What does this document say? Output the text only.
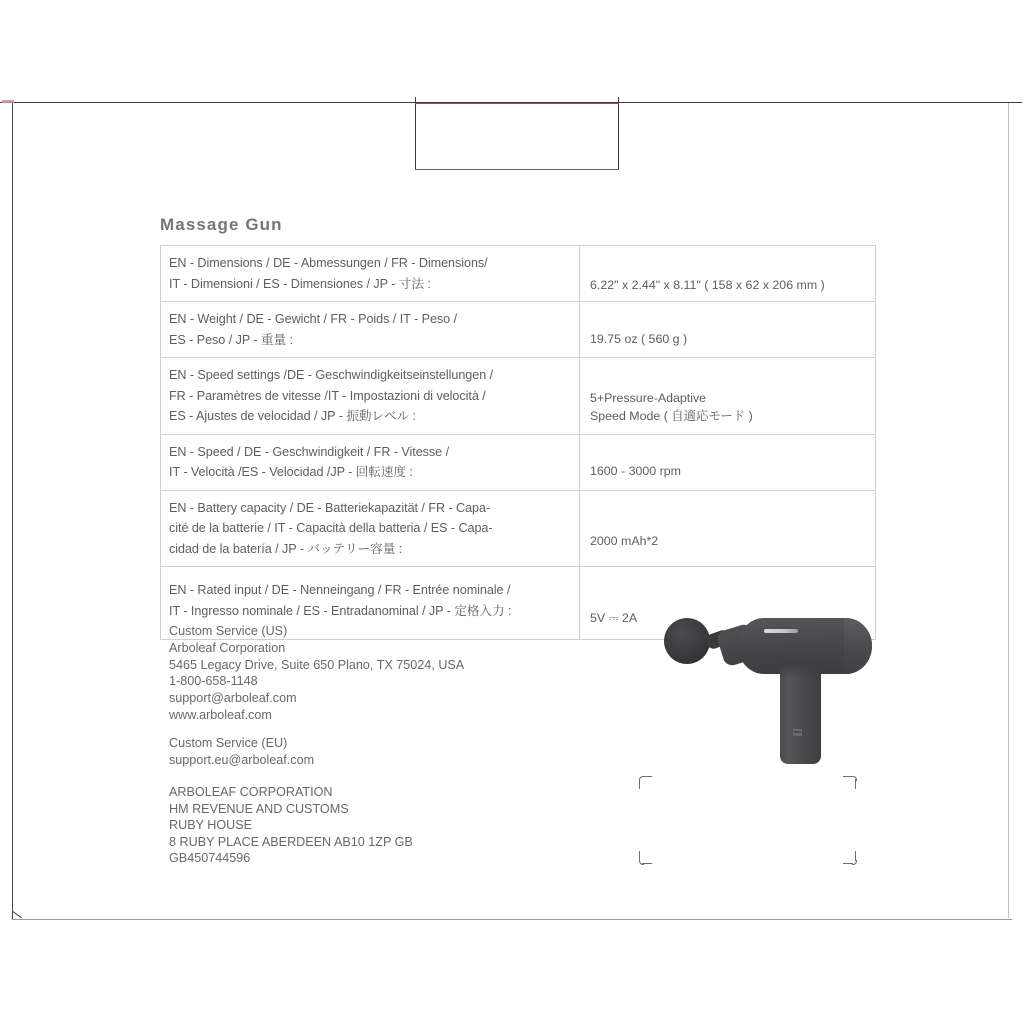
Massage Gun
EN - Dimensions / DE - Abmessungen / FR - Dimensions/
IT - Dimensioni / ES - Dimensiones / JP - 寸法 :	6.22" x 2.44" x 8.11" ( 158 x 62 x 206 mm )

EN - Weight / DE - Gewicht / FR - Poids / IT - Peso /
ES - Peso / JP - 重量 :	19.75 oz ( 560 g )

EN - Speed settings /DE - Geschwindigkeitseinstellungen /
FR - Paramètres de vitesse /IT - Impostazioni di velocità /
ES - Ajustes de velocidad / JP - 振動レベル :	5+Pressure-Adaptive
Speed Mode ( 自適応モード )

EN - Speed / DE - Geschwindigkeit / FR - Vitesse /
IT - Velocità /ES - Velocidad /JP - 回転速度 :	1600 - 3000 rpm

EN - Battery capacity / DE - Batteriekapazität / FR - Capa-
cité de la batterie / IT - Capacità della batteria / ES - Capa-
cidad de la batería / JP - バッテリー容量 :	2000 mAh*2

EN - Rated input / DE - Nenneingang / FR - Entrée nominale /
IT - Ingresso nominale / ES - Entradanominal / JP - 定格入力 :	5V ⎓ 2A
Custom Service (US)
Arboleaf Corporation
5465 Legacy Drive, Suite 650 Plano, TX 75024, USA
1-800-658-1148
support@arboleaf.com
www.arboleaf.com
Custom Service (EU)
support.eu@arboleaf.com
ARBOLEAF CORPORATION
HM REVENUE AND CUSTOMS
RUBY HOUSE
8 RUBY PLACE ABERDEEN AB10 1ZP GB
GB450744596
